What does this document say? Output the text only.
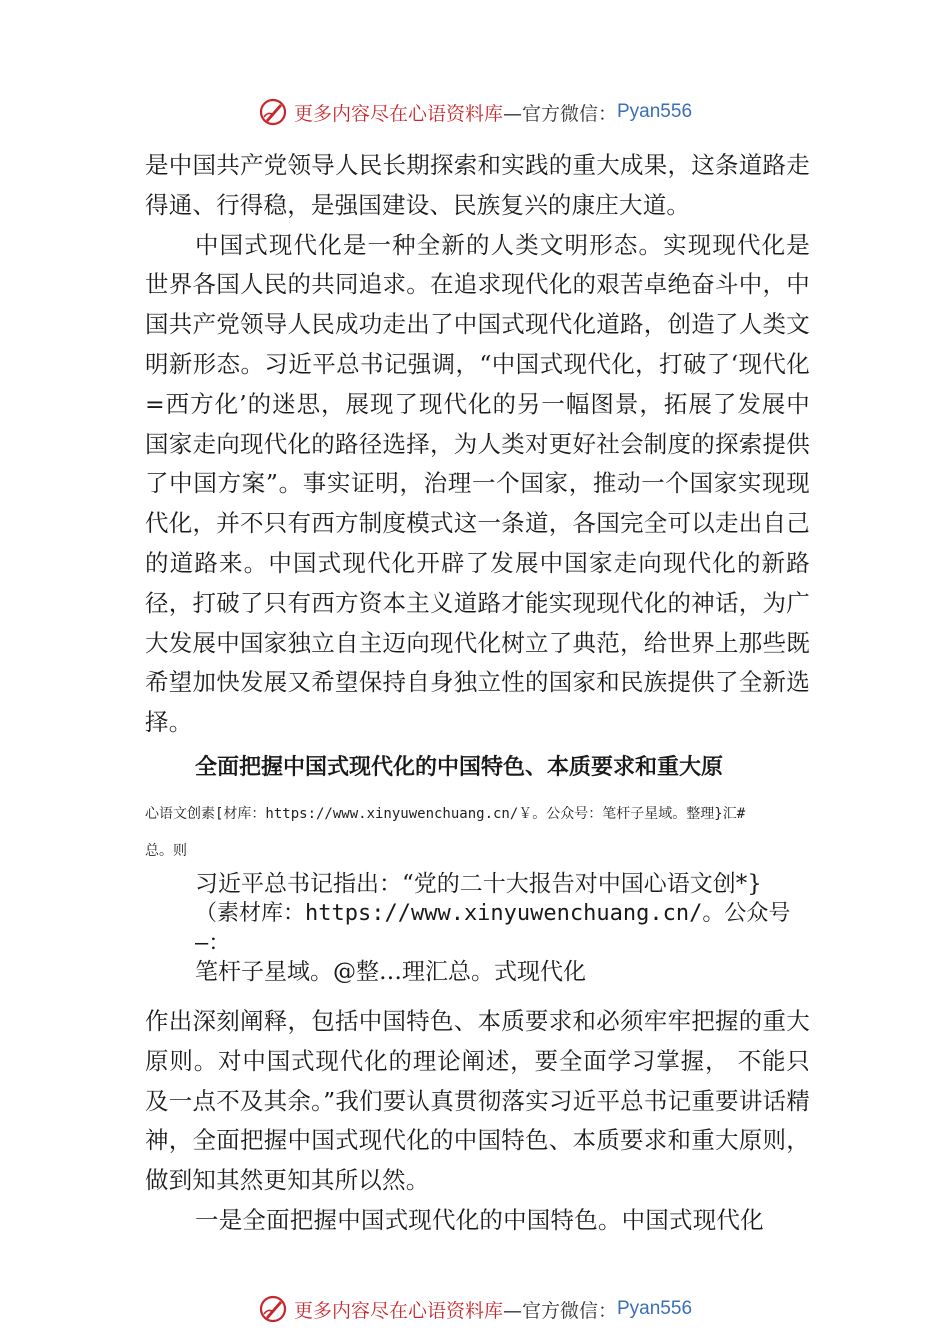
更多内容尽在心语资料库 —官方微信： Pyan556

是中国共产党领导人民长期探索和实践的重大成果，这条道路走得通、行得稳，是强国建设、民族复兴的康庄大道。

中国式现代化是一种全新的人类文明形态。实现现代化是世界各国人民的共同追求。在追求现代化的艰苦卓绝奋斗中，中国共产党领导人民成功走出了中国式现代化道路，创造了人类文明新形态。习近平总书记强调，“中国式现代化，打破了‘现代化=西方化’的迷思，展现了现代化的另一幅图景，拓展了发展中国家走向现代化的路径选择，为人类对更好社会制度的探索提供了中国方案”。事实证明，治理一个国家，推动一个国家实现现代化，并不只有西方制度模式这一条道，各国完全可以走出自己的道路来。中国式现代化开辟了发展中国家走向现代化的新路径，打破了只有西方资本主义道路才能实现现代化的神话，为广大发展中国家独立自主迈向现代化树立了典范，给世界上那些既希望加快发展又希望保持自身独立性的国家和民族提供了全新选择。

全面把握中国式现代化的中国特色、本质要求和重大原

心语文创素[材库：https://www.xinyuwenchuang.cn/￥。公众号：笔杆子星域。整理}汇#

总。则

习近平总书记指出：“党的二十大报告对中国心语文创*}
（素材库：https://www.xinyuwenchuang.cn/。公众号—：
笔杆子星域。@整…理汇总。式现代化

作出深刻阐释，包括中国特色、本质要求和必须牢牢把握的重大原则。对中国式现代化的理论阐述，要全面学习掌握， 不能只及一点不及其余。”我们要认真贯彻落实习近平总书记重要讲话精神，全面把握中国式现代化的中国特色、本质要求和重大原则，做到知其然更知其所以然。

一是全面把握中国式现代化的中国特色。中国式现代化

更多内容尽在心语资料库 —官方微信： Pyan556
